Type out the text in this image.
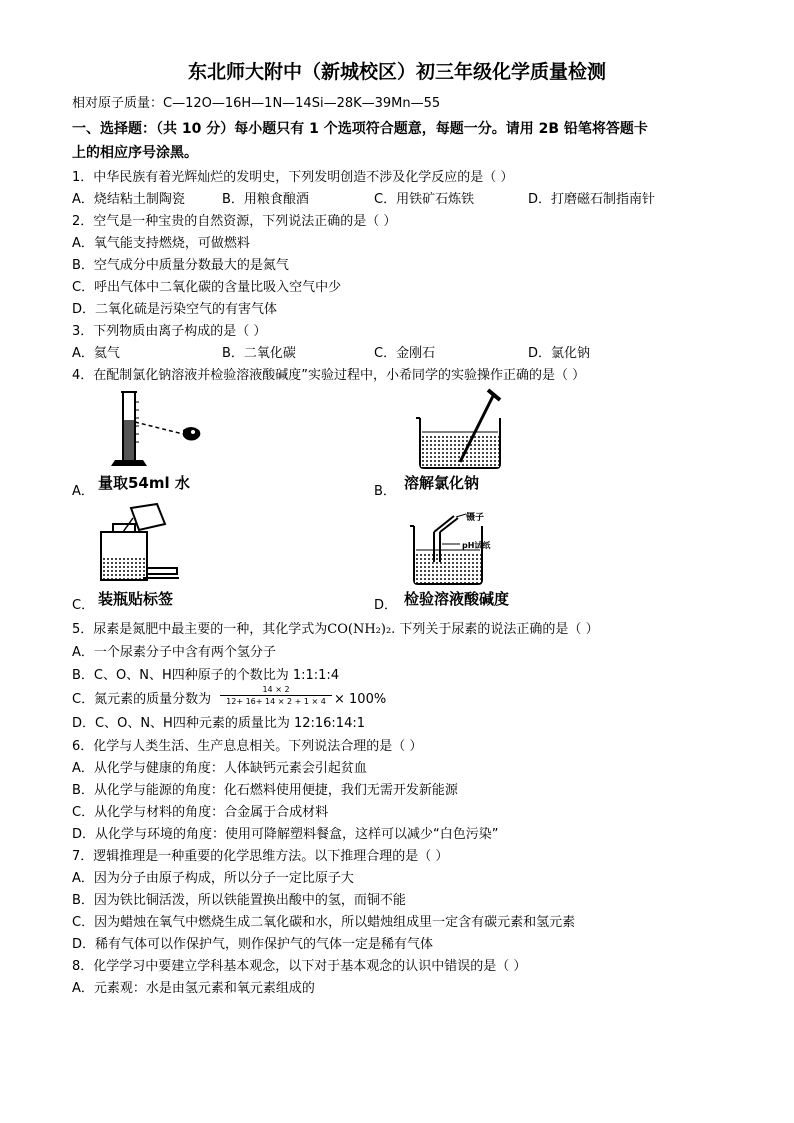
东北师大附中（新城校区）初三年级化学质量检测
相对原子质量：C—12O—16H—1N—14Si—28K—39Mn—55
一、选择题：（共 10 分）每小题只有 1 个选项符合题意，每题一分。请用 2B 铅笔将答题卡
上的相应序号涂黑。
1．中华民族有着光辉灿烂的发明史，下列发明创造不涉及化学反应的是（ ）
A．烧结粘土制陶瓷	B．用粮食酿酒	C．用铁矿石炼铁	D．打磨磁石制指南针
2．空气是一种宝贵的自然资源，下列说法正确的是（ ）
A．氧气能支持燃烧，可做燃料
B．空气成分中质量分数最大的是氮气
C．呼出气体中二氧化碳的含量比吸入空气中少
D．二氧化硫是污染空气的有害气体
3．下列物质由离子构成的是（ ）
A．氦气	B．二氧化碳	C．金刚石	D．氯化钠
4．在配制氯化钠溶液并检验溶液酸碱度”实验过程中，小希同学的实验操作正确的是（ ）
A． 量取54ml 水	B． 溶解氯化钠
C． 装瓶贴标签
镊子
pH试纸
D． 检验溶液酸碱度
5．尿素是氮肥中最主要的一种，其化学式为CO(NH₂)₂. 下列关于尿素的说法正确的是（ ）
A．一个尿素分子中含有两个氢分子
B．C、O、N、H四种原子的个数比为 1:1:1:4
C．氮元素的质量分数为
14 × 2
12+ 16+ 14 × 2 + 1 × 4 × 100%
D．C、O、N、H四种元素的质量比为 12:16:14:1
6．化学与人类生活、生产息息相关。下列说法合理的是（ ）
A．从化学与健康的角度：人体缺钙元素会引起贫血
B．从化学与能源的角度：化石燃料使用便捷，我们无需开发新能源
C．从化学与材料的角度：合金属于合成材料
D．从化学与环境的角度：使用可降解塑料餐盒，这样可以减少“白色污染”
7．逻辑推理是一种重要的化学思维方法。以下推理合理的是（ ）
A．因为分子由原子构成，所以分子一定比原子大
B．因为铁比铜活泼，所以铁能置换出酸中的氢，而铜不能
C．因为蜡烛在氧气中燃烧生成二氧化碳和水，所以蜡烛组成里一定含有碳元素和氢元素
D．稀有气体可以作保护气，则作保护气的气体一定是稀有气体
8．化学学习中要建立学科基本观念，以下对于基本观念的认识中错误的是（ ）
A．元素观：水是由氢元素和氧元素组成的
